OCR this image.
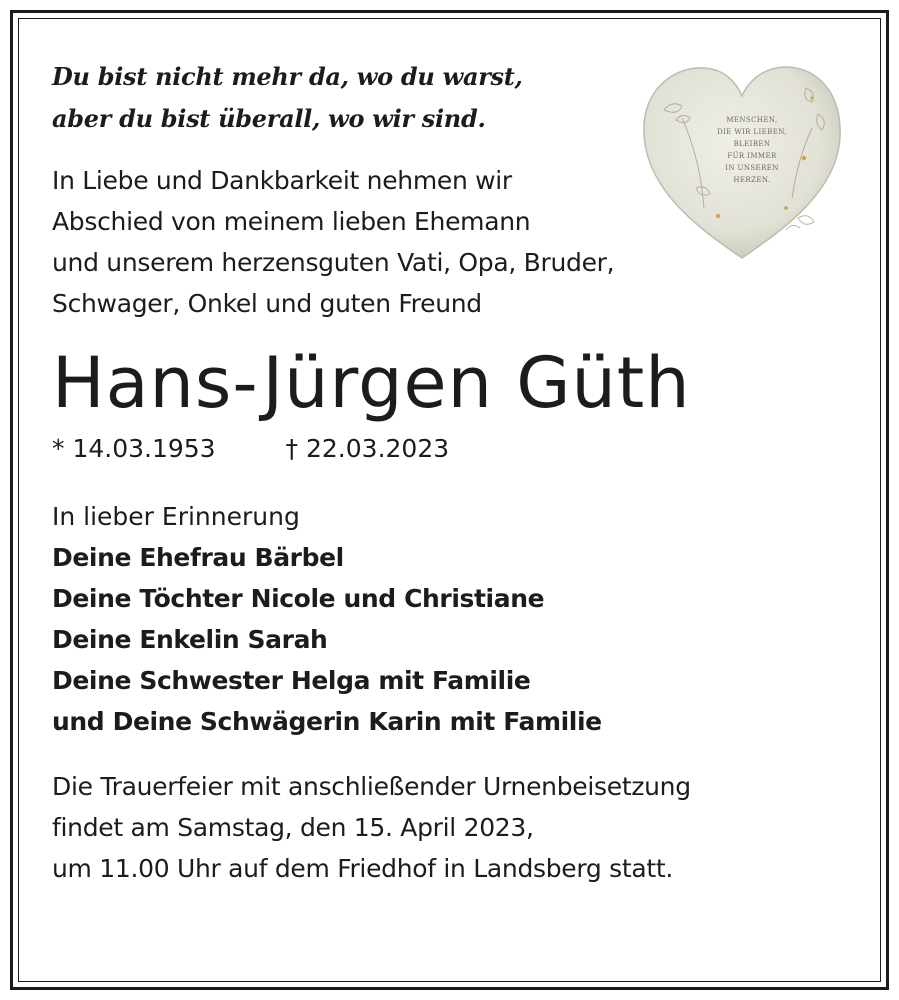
MENSCHEN,
DIE WIR LIEBEN,
BLEIBEN
FÜR IMMER
IN UNSEREN
HERZEN.
Du bist nicht mehr da, wo du warst,
aber du bist überall, wo wir sind.
In Liebe und Dankbarkeit nehmen wir
Abschied von meinem lieben Ehemann
und unserem herzensguten Vati, Opa, Bruder,
Schwager, Onkel und guten Freund
Hans-Jürgen Güth
* 14.03.1953	† 22.03.2023
In lieber Erinnerung
Deine Ehefrau Bärbel
Deine Töchter Nicole und Christiane
Deine Enkelin Sarah
Deine Schwester Helga mit Familie
und Deine Schwägerin Karin mit Familie
Die Trauerfeier mit anschließender Urnenbeisetzung
findet am Samstag, den 15. April 2023,
um 11.00 Uhr auf dem Friedhof in Landsberg statt.
